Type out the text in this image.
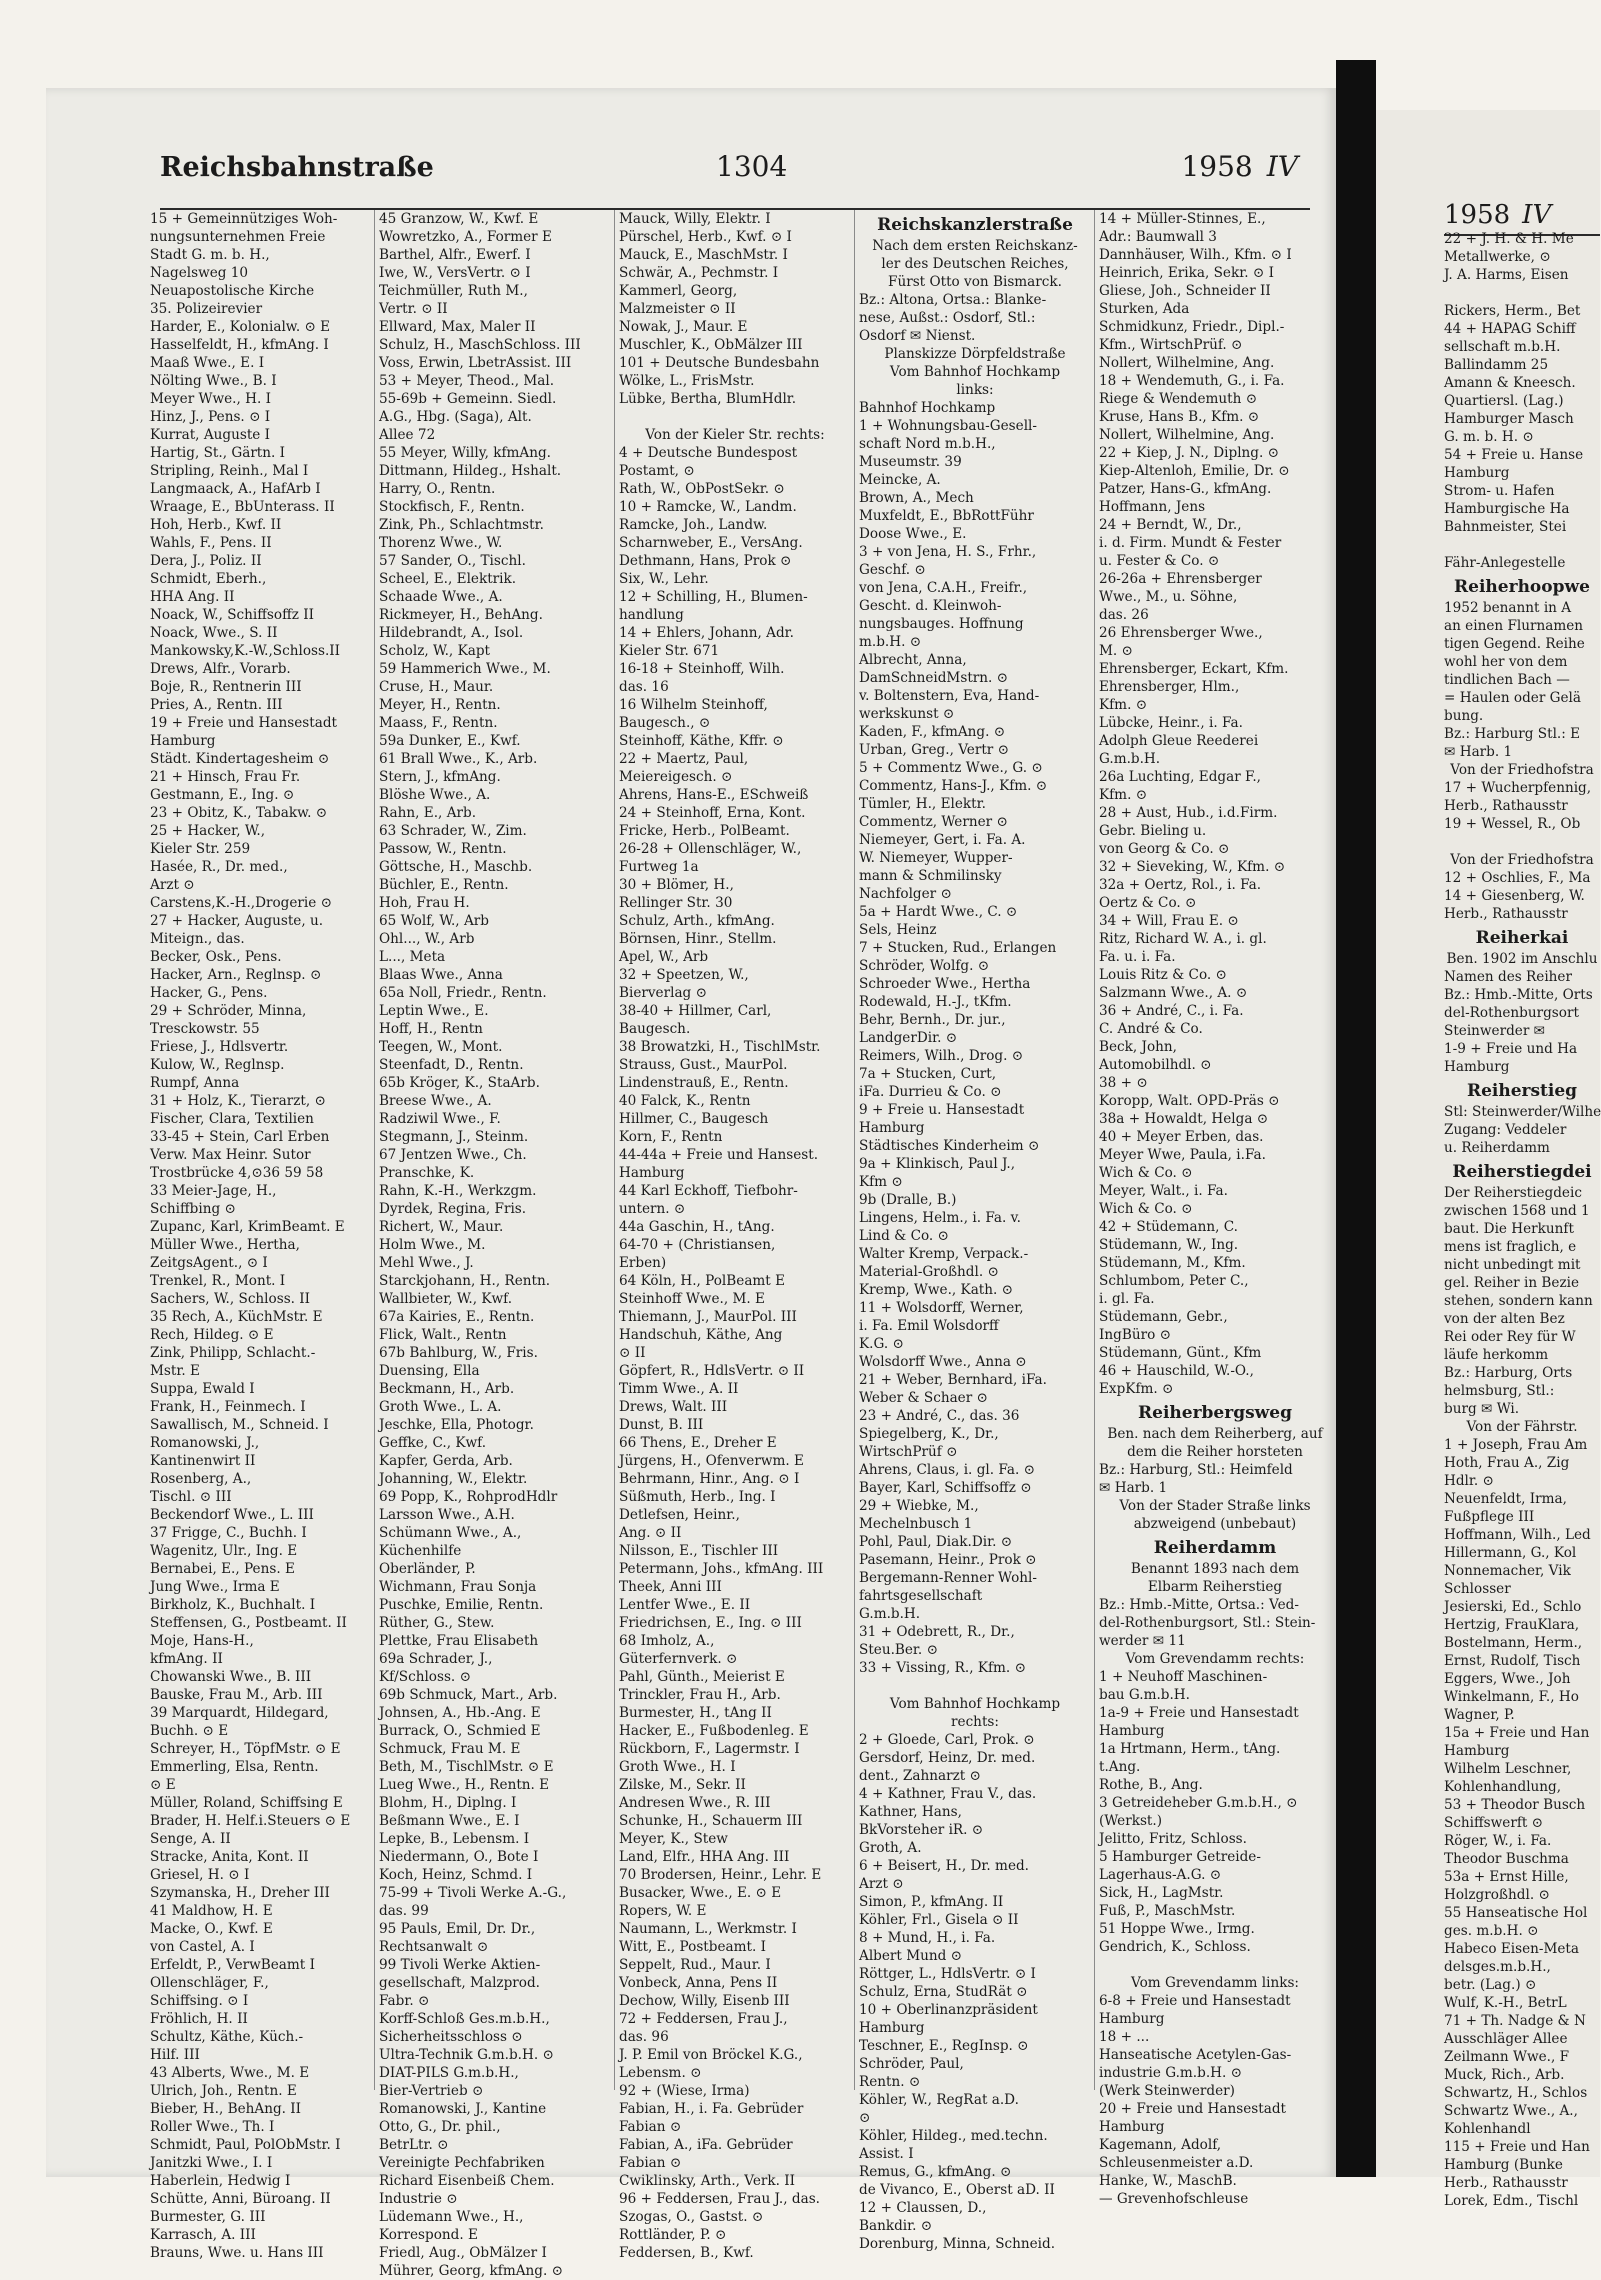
Reichsbahnstraße	1304	1958 IV
1958 IV
15 + Gemeinnütziges Woh-
nungsunternehmen Freie
Stadt G. m. b. H.,
Nagelsweg 10
Neuapostolische Kirche
35. Polizeirevier
Harder, E., Kolonialw. ⊙ E
Hasselfeldt, H., kfmAng. I
Maaß Wwe., E. I
Nölting Wwe., B. I
Meyer Wwe., H. I
Hinz, J., Pens. ⊙ I
Kurrat, Auguste I
Hartig, St., Gärtn. I
Stripling, Reinh., Mal I
Langmaack, A., HafArb I
Wraage, E., BbUnterass. II
Hoh, Herb., Kwf. II
Wahls, F., Pens. II
Dera, J., Poliz. II
Schmidt, Eberh.,
HHA Ang. II
Noack, W., Schiffsoffz II
Noack, Wwe., S. II
Mankowsky,K.-W.,Schloss.II
Drews, Alfr., Vorarb.
Boje, R., Rentnerin III
Pries, A., Rentn. III
19 + Freie und Hansestadt
Hamburg
Städt. Kindertagesheim ⊙
21 + Hinsch, Frau Fr.
Gestmann, E., Ing. ⊙
23 + Obitz, K., Tabakw. ⊙
25 + Hacker, W.,
Kieler Str. 259
Hasée, R., Dr. med.,
Arzt ⊙
Carstens,K.-H.,Drogerie ⊙
27 + Hacker, Auguste, u.
Miteign., das.
Becker, Osk., Pens.
Hacker, Arn., Reglnsp. ⊙
Hacker, G., Pens.
29 + Schröder, Minna,
Tresckowstr. 55
Friese, J., Hdlsvertr.
Kulow, W., Reglnsp.
Rumpf, Anna
31 + Holz, K., Tierarzt, ⊙
Fischer, Clara, Textilien
33-45 + Stein, Carl Erben
Verw. Max Heinr. Sutor
Trostbrücke 4,⊙36 59 58
33 Meier-Jage, H.,
Schiffbing ⊙
Zupanc, Karl, KrimBeamt. E
Müller Wwe., Hertha,
ZeitgsAgent., ⊙ I
Trenkel, R., Mont. I
Sachers, W., Schloss. II
35 Rech, A., KüchMstr. E
Rech, Hildeg. ⊙ E
Zink, Philipp, Schlacht.-
Mstr. E
Suppa, Ewald I
Frank, H., Feinmech. I
Sawallisch, M., Schneid. I
Romanowski, J.,
Kantinenwirt II
Rosenberg, A.,
Tischl. ⊙ III
Beckendorf Wwe., L. III
37 Frigge, C., Buchh. I
Wagenitz, Ulr., Ing. E
Bernabei, E., Pens. E
Jung Wwe., Irma E
Birkholz, K., Buchhalt. I
Steffensen, G., Postbeamt. II
Moje, Hans-H.,
kfmAng. II
Chowanski Wwe., B. III
Bauske, Frau M., Arb. III
39 Marquardt, Hildegard,
Buchh. ⊙ E
Schreyer, H., TöpfMstr. ⊙ E
Emmerling, Elsa, Rentn.
⊙ E
Müller, Roland, Schiffsing E
Brader, H. Helf.i.Steuers ⊙ E
Senge, A. II
Stracke, Anita, Kont. II
Griesel, H. ⊙ I
Szymanska, H., Dreher III
41 Maldhow, H. E
Macke, O., Kwf. E
von Castel, A. I
Erfeldt, P., VerwBeamt I
Ollenschläger, F.,
Schiffsing. ⊙ I
Fröhlich, H. II
Schultz, Käthe, Küch.-
Hilf. III
43 Alberts, Wwe., M. E
Ulrich, Joh., Rentn. E
Bieber, H., BehAng. II
Roller Wwe., Th. I
Schmidt, Paul, PolObMstr. I
Janitzki Wwe., I. I
Haberlein, Hedwig I
Schütte, Anni, Büroang. II
Burmester, G. III
Karrasch, A. III
Brauns, Wwe. u. Hans III
45 Granzow, W., Kwf. E
Wowretzko, A., Former E
Barthel, Alfr., Ewerf. I
Iwe, W., VersVertr. ⊙ I
Teichmüller, Ruth M.,
Vertr. ⊙ II
Ellward, Max, Maler II
Schulz, H., MaschSchloss. III
Voss, Erwin, LbetrAssist. III
53 + Meyer, Theod., Mal.
55-69b + Gemeinn. Siedl.
A.G., Hbg. (Saga), Alt.
Allee 72
55 Meyer, Willy, kfmAng.
Dittmann, Hildeg., Hshalt.
Harry, O., Rentn.
Stockfisch, F., Rentn.
Zink, Ph., Schlachtmstr.
Thorenz Wwe., W.
57 Sander, O., Tischl.
Scheel, E., Elektrik.
Schaade Wwe., A.
Rickmeyer, H., BehAng.
Hildebrandt, A., Isol.
Scholz, W., Kapt
59 Hammerich Wwe., M.
Cruse, H., Maur.
Meyer, H., Rentn.
Maass, F., Rentn.
59a Dunker, E., Kwf.
61 Brall Wwe., K., Arb.
Stern, J., kfmAng.
Blöshe Wwe., A.
Rahn, E., Arb.
63 Schrader, W., Zim.
Passow, W., Rentn.
Göttsche, H., Maschb.
Büchler, E., Rentn.
Hoh, Frau H.
65 Wolf, W., Arb
Ohl..., W., Arb
L..., Meta
Blaas Wwe., Anna
65a Noll, Friedr., Rentn.
Leptin Wwe., E.
Hoff, H., Rentn
Teegen, W., Mont.
Steenfadt, D., Rentn.
65b Kröger, K., StaArb.
Breese Wwe., A.
Radziwil Wwe., F.
Stegmann, J., Steinm.
67 Jentzen Wwe., Ch.
Pranschke, K.
Rahn, K.-H., Werkzgm.
Dyrdek, Regina, Fris.
Richert, W., Maur.
Holm Wwe., M.
Mehl Wwe., J.
Starckjohann, H., Rentn.
Wallbieter, W., Kwf.
67a Kairies, E., Rentn.
Flick, Walt., Rentn
67b Bahlburg, W., Fris.
Duensing, Ella
Beckmann, H., Arb.
Groth Wwe., L. A.
Jeschke, Ella, Photogr.
Geffke, C., Kwf.
Kapfer, Gerda, Arb.
Johanning, W., Elektr.
69 Popp, K., RohprodHdlr
Larsson Wwe., A.H.
Schümann Wwe., A.,
Küchenhilfe
Oberländer, P.
Wichmann, Frau Sonja
Puschke, Emilie, Rentn.
Rüther, G., Stew.
Plettke, Frau Elisabeth
69a Schrader, J.,
Kf/Schloss. ⊙
69b Schmuck, Mart., Arb.
Johnsen, A., Hb.-Ang. E
Burrack, O., Schmied E
Schmuck, Frau M. E
Beth, M., TischlMstr. ⊙ E
Lueg Wwe., H., Rentn. E
Blohm, H., Diplng. I
Beßmann Wwe., E. I
Lepke, B., Lebensm. I
Niedermann, O., Bote I
Koch, Heinz, Schmd. I
75-99 + Tivoli Werke A.-G.,
das. 99
95 Pauls, Emil, Dr. Dr.,
Rechtsanwalt ⊙
99 Tivoli Werke Aktien-
gesellschaft, Malzprod.
Fabr. ⊙
Korff-Schloß Ges.m.b.H.,
Sicherheitsschloss ⊙
Ultra-Technik G.m.b.H. ⊙
DIAT-PILS G.m.b.H.,
Bier-Vertrieb ⊙
Romanowski, J., Kantine
Otto, G., Dr. phil.,
BetrLtr. ⊙
Vereinigte Pechfabriken
Richard Eisenbeiß Chem.
Industrie ⊙
Lüdemann Wwe., H.,
Korrespond. E
Friedl, Aug., ObMälzer I
Mührer, Georg, kfmAng. ⊙
Mauck, Willy, Elektr. I
Pürschel, Herb., Kwf. ⊙ I
Mauck, E., MaschMstr. I
Schwär, A., Pechmstr. I
Kammerl, Georg,
Malzmeister ⊙ II
Nowak, J., Maur. E
Muschler, K., ObMälzer III
101 + Deutsche Bundesbahn
Wölke, L., FrisMstr.
Lübke, Bertha, BlumHdlr.

Von der Kieler Str. rechts:
4 + Deutsche Bundespost
Postamt, ⊙
Rath, W., ObPostSekr. ⊙
10 + Ramcke, W., Landm.
Ramcke, Joh., Landw.
Scharnweber, E., VersAng.
Dethmann, Hans, Prok ⊙
Six, W., Lehr.
12 + Schilling, H., Blumen-
handlung
14 + Ehlers, Johann, Adr.
Kieler Str. 671
16-18 + Steinhoff, Wilh.
das. 16
16 Wilhelm Steinhoff,
Baugesch., ⊙
Steinhoff, Käthe, Kffr. ⊙
22 + Maertz, Paul,
Meiereigesch. ⊙
Ahrens, Hans-E., ESchweiß
24 + Steinhoff, Erna, Kont.
Fricke, Herb., PolBeamt.
26-28 + Ollenschläger, W.,
Furtweg 1a
30 + Blömer, H.,
Rellinger Str. 30
Schulz, Arth., kfmAng.
Börnsen, Hinr., Stellm.
Apel, W., Arb
32 + Speetzen, W.,
Bierverlag ⊙
38-40 + Hillmer, Carl,
Baugesch.
38 Browatzki, H., TischlMstr.
Strauss, Gust., MaurPol.
Lindenstrauß, E., Rentn.
40 Falck, K., Rentn
Hillmer, C., Baugesch
Korn, F., Rentn
44-44a + Freie und Hansest.
Hamburg
44 Karl Eckhoff, Tiefbohr-
untern. ⊙
44a Gaschin, H., tAng.
64-70 + (Christiansen,
Erben)
64 Köln, H., PolBeamt E
Steinhoff Wwe., M. E
Thiemann, J., MaurPol. III
Handschuh, Käthe, Ang
⊙ II
Göpfert, R., HdlsVertr. ⊙ II
Timm Wwe., A. II
Drews, Walt. III
Dunst, B. III
66 Thens, E., Dreher E
Jürgens, H., Ofenverwm. E
Behrmann, Hinr., Ang. ⊙ I
Süßmuth, Herb., Ing. I
Detlefsen, Heinr.,
Ang. ⊙ II
Nilsson, E., Tischler III
Petermann, Johs., kfmAng. III
Theek, Anni III
Lentfer Wwe., E. II
Friedrichsen, E., Ing. ⊙ III
68 Imholz, A.,
Güterfernverk. ⊙
Pahl, Günth., Meierist E
Trinckler, Frau H., Arb.
Burmester, H., tAng II
Hacker, E., Fußbodenleg. E
Rückborn, F., Lagermstr. I
Groth Wwe., H. I
Zilske, M., Sekr. II
Andresen Wwe., R. III
Schunke, H., Schauerm III
Meyer, K., Stew
Land, Elfr., HHA Ang. III
70 Brodersen, Heinr., Lehr. E
Busacker, Wwe., E. ⊙ E
Ropers, W. E
Naumann, L., Werkmstr. I
Witt, E., Postbeamt. I
Seppelt, Rud., Maur. I
Vonbeck, Anna, Pens II
Dechow, Willy, Eisenb III
72 + Feddersen, Frau J.,
das. 96
J. P. Emil von Bröckel K.G.,
Lebensm. ⊙
92 + (Wiese, Irma)
Fabian, H., i. Fa. Gebrüder
Fabian ⊙
Fabian, A., iFa. Gebrüder
Fabian ⊙
Cwiklinsky, Arth., Verk. II
96 + Feddersen, Frau J., das.
Szogas, O., Gastst. ⊙
Rottländer, P. ⊙
Feddersen, B., Kwf.
Reichskanzlerstraße
Nach dem ersten Reichskanz-
ler des Deutschen Reiches,
Fürst Otto von Bismarck.
Bz.: Altona, Ortsa.: Blanke-
nese, Außst.: Osdorf, Stl.:
Osdorf ✉ Nienst.
Planskizze Dörpfeldstraße
Vom Bahnhof Hochkamp
links:
Bahnhof Hochkamp
1 + Wohnungsbau-Gesell-
schaft Nord m.b.H.,
Museumstr. 39
Meincke, A.
Brown, A., Mech
Muxfeldt, E., BbRottFühr
Doose Wwe., E.
3 + von Jena, H. S., Frhr.,
Geschf. ⊙
von Jena, C.A.H., Freifr.,
Gescht. d. Kleinwoh-
nungsbauges. Hoffnung
m.b.H. ⊙
Albrecht, Anna,
DamSchneidMstrn. ⊙
v. Boltenstern, Eva, Hand-
werkskunst ⊙
Kaden, F., kfmAng. ⊙
Urban, Greg., Vertr ⊙
5 + Commentz Wwe., G. ⊙
Commentz, Hans-J., Kfm. ⊙
Tümler, H., Elektr.
Commentz, Werner ⊙
Niemeyer, Gert, i. Fa. A.
W. Niemeyer, Wupper-
mann & Schmilinsky
Nachfolger ⊙
5a + Hardt Wwe., C. ⊙
Sels, Heinz
7 + Stucken, Rud., Erlangen
Schröder, Wolfg. ⊙
Schroeder Wwe., Hertha
Rodewald, H.-J., tKfm.
Behr, Bernh., Dr. jur.,
LandgerDir. ⊙
Reimers, Wilh., Drog. ⊙
7a + Stucken, Curt,
iFa. Durrieu & Co. ⊙
9 + Freie u. Hansestadt
Hamburg
Städtisches Kinderheim ⊙
9a + Klinkisch, Paul J.,
Kfm ⊙
9b (Dralle, B.)
Lingens, Helm., i. Fa. v.
Lind & Co. ⊙
Walter Kremp, Verpack.-
Material-Großhdl. ⊙
Kremp, Wwe., Kath. ⊙
11 + Wolsdorff, Werner,
i. Fa. Emil Wolsdorff
K.G. ⊙
Wolsdorff Wwe., Anna ⊙
21 + Weber, Bernhard, iFa.
Weber & Schaer ⊙
23 + André, C., das. 36
Spiegelberg, K., Dr.,
WirtschPrüf ⊙
Ahrens, Claus, i. gl. Fa. ⊙
Bayer, Karl, Schiffsoffz ⊙
29 + Wiebke, M.,
Mechelnbusch 1
Pohl, Paul, Diak.Dir. ⊙
Pasemann, Heinr., Prok ⊙
Bergemann-Renner Wohl-
fahrtsgesellschaft
G.m.b.H.
31 + Odebrett, R., Dr.,
Steu.Ber. ⊙
33 + Vissing, R., Kfm. ⊙

Vom Bahnhof Hochkamp
rechts:
2 + Gloede, Carl, Prok. ⊙
Gersdorf, Heinz, Dr. med.
dent., Zahnarzt ⊙
4 + Kathner, Frau V., das.
Kathner, Hans,
BkVorsteher iR. ⊙
Groth, A.
6 + Beisert, H., Dr. med.
Arzt ⊙
Simon, P., kfmAng. II
Köhler, Frl., Gisela ⊙ II
8 + Mund, H., i. Fa.
Albert Mund ⊙
Röttger, L., HdlsVertr. ⊙ I
Schulz, Erna, StudRät ⊙
10 + Oberlinanzpräsident
Hamburg
Teschner, E., RegInsp. ⊙
Schröder, Paul,
Rentn. ⊙
Köhler, W., RegRat a.D.
⊙
Köhler, Hildeg., med.techn.
Assist. I
Remus, G., kfmAng. ⊙
de Vivanco, E., Oberst aD. II
12 + Claussen, D.,
Bankdir. ⊙
Dorenburg, Minna, Schneid.
14 + Müller-Stinnes, E.,
Adr.: Baumwall 3
Dannhäuser, Wilh., Kfm. ⊙ I
Heinrich, Erika, Sekr. ⊙ I
Gliese, Joh., Schneider II
Sturken, Ada
Schmidkunz, Friedr., Dipl.-
Kfm., WirtschPrüf. ⊙
Nollert, Wilhelmine, Ang.
18 + Wendemuth, G., i. Fa.
Riege & Wendemuth ⊙
Kruse, Hans B., Kfm. ⊙
Nollert, Wilhelmine, Ang.
22 + Kiep, J. N., Diplng. ⊙
Kiep-Altenloh, Emilie, Dr. ⊙
Patzer, Hans-G., kfmAng.
Hoffmann, Jens
24 + Berndt, W., Dr.,
i. d. Firm. Mundt & Fester
u. Fester & Co. ⊙
26-26a + Ehrensberger
Wwe., M., u. Söhne,
das. 26
26 Ehrensberger Wwe.,
M. ⊙
Ehrensberger, Eckart, Kfm.
Ehrensberger, Hlm.,
Kfm. ⊙
Lübcke, Heinr., i. Fa.
Adolph Gleue Reederei
G.m.b.H.
26a Luchting, Edgar F.,
Kfm. ⊙
28 + Aust, Hub., i.d.Firm.
Gebr. Bieling u.
von Georg & Co. ⊙
32 + Sieveking, W., Kfm. ⊙
32a + Oertz, Rol., i. Fa.
Oertz & Co. ⊙
34 + Will, Frau E. ⊙
Ritz, Richard W. A., i. gl.
Fa. u. i. Fa.
Louis Ritz & Co. ⊙
Salzmann Wwe., A. ⊙
36 + André, C., i. Fa.
C. André & Co.
Beck, John,
Automobilhdl. ⊙
38 + ⊙
Koropp, Walt. OPD-Präs ⊙
38a + Howaldt, Helga ⊙
40 + Meyer Erben, das.
Meyer Wwe, Paula, i.Fa.
Wich & Co. ⊙
Meyer, Walt., i. Fa.
Wich & Co. ⊙
42 + Stüdemann, C.
Stüdemann, W., Ing.
Stüdemann, M., Kfm.
Schlumbom, Peter C.,
i. gl. Fa.
Stüdemann, Gebr.,
IngBüro ⊙
Stüdemann, Günt., Kfm
46 + Hauschild, W.-O.,
ExpKfm. ⊙
Reiherbergsweg
Ben. nach dem Reiherberg, auf
dem die Reiher horsteten
Bz.: Harburg, Stl.: Heimfeld
✉ Harb. 1
Von der Stader Straße links
abzweigend (unbebaut)
Reiherdamm
Benannt 1893 nach dem
Elbarm Reiherstieg
Bz.: Hmb.-Mitte, Ortsa.: Ved-
del-Rothenburgsort, Stl.: Stein-
werder ✉ 11
Vom Grevendamm rechts:
1 + Neuhoff Maschinen-
bau G.m.b.H.
1a-9 + Freie und Hansestadt
Hamburg
1a Hrtmann, Herm., tAng.
t.Ang.
Rothe, B., Ang.
3 Getreideheber G.m.b.H., ⊙
(Werkst.)
Jelitto, Fritz, Schloss.
5 Hamburger Getreide-
Lagerhaus-A.G. ⊙
Sick, H., LagMstr.
Fuß, P., MaschMstr.
51 Hoppe Wwe., Irmg.
Gendrich, K., Schloss.

Vom Grevendamm links:
6-8 + Freie und Hansestadt
Hamburg
18 + ...
Hanseatische Acetylen-Gas-
industrie G.m.b.H. ⊙
(Werk Steinwerder)
20 + Freie und Hansestadt
Hamburg
Kagemann, Adolf,
Schleusenmeister a.D.
Hanke, W., MaschB.
— Grevenhofschleuse
22 + J. H. & H. Me
Metallwerke, ⊙
J. A. Harms, Eisen

Rickers, Herm., Bet
44 + HAPAG Schiff
sellschaft m.b.H.
Ballindamm 25
Amann & Kneesch.
Quartiersl. (Lag.)
Hamburger Masch
G. m. b. H. ⊙
54 + Freie u. Hanse
Hamburg
Strom- u. Hafen
Hamburgische Ha
Bahnmeister, Stei

Fähr-Anlegestelle
Reiherhoopwe
1952 benannt in A
an einen Flurnamen
tigen Gegend. Reihe
wohl her von dem
tindlichen Bach —
= Haulen oder Gelä
bung.
Bz.: Harburg Stl.: E
✉ Harb. 1
Von der Friedhofstra
17 + Wucherpfennig,
Herb., Rathausstr
19 + Wessel, R., Ob

Von der Friedhofstra
12 + Oschlies, F., Ma
14 + Giesenberg, W.
Herb., Rathausstr
Reiherkai
Ben. 1902 im Anschlu
Namen des Reiher
Bz.: Hmb.-Mitte, Orts
del-Rothenburgsort
Steinwerder ✉
1-9 + Freie und Ha
Hamburg
Reiherstieg
Stl: Steinwerder/Wilhe
Zugang: Veddeler
u. Reiherdamm
Reiherstiegdei
Der Reiherstiegdeic
zwischen 1568 und 1
baut. Die Herkunft
mens ist fraglich, e
nicht unbedingt mit
gel. Reiher in Bezie
stehen, sondern kann
von der alten Bez
Rei oder Rey für W
läufe herkomm
Bz.: Harburg, Orts
helmsburg, Stl.:
burg ✉ Wi.
Von der Fährstr.
1 + Joseph, Frau Am
Hoth, Frau A., Zig
Hdlr. ⊙
Neuenfeldt, Irma,
Fußpflege III
Hoffmann, Wilh., Led
Hillermann, G., Kol
Nonnemacher, Vik
Schlosser
Jesierski, Ed., Schlo
Hertzig, FrauKlara,
Bostelmann, Herm.,
Ernst, Rudolf, Tisch
Eggers, Wwe., Joh
Winkelmann, F., Ho
Wagner, P.
15a + Freie und Han
Hamburg
Wilhelm Leschner,
Kohlenhandlung,
53 + Theodor Busch
Schiffswerft ⊙
Röger, W., i. Fa.
Theodor Buschma
53a + Ernst Hille,
Holzgroßhdl. ⊙
55 Hanseatische Hol
ges. m.b.H. ⊙
Habeco Eisen-Meta
delsges.m.b.H.,
betr. (Lag.) ⊙
Wulf, K.-H., BetrL
71 + Th. Nadge & N
Ausschläger Allee
Zeilmann Wwe., F
Muck, Rich., Arb.
Schwartz, H., Schlos
Schwartz Wwe., A.,
Kohlenhandl
115 + Freie und Han
Hamburg (Bunke
Herb., Rathausstr
Lorek, Edm., Tischl
